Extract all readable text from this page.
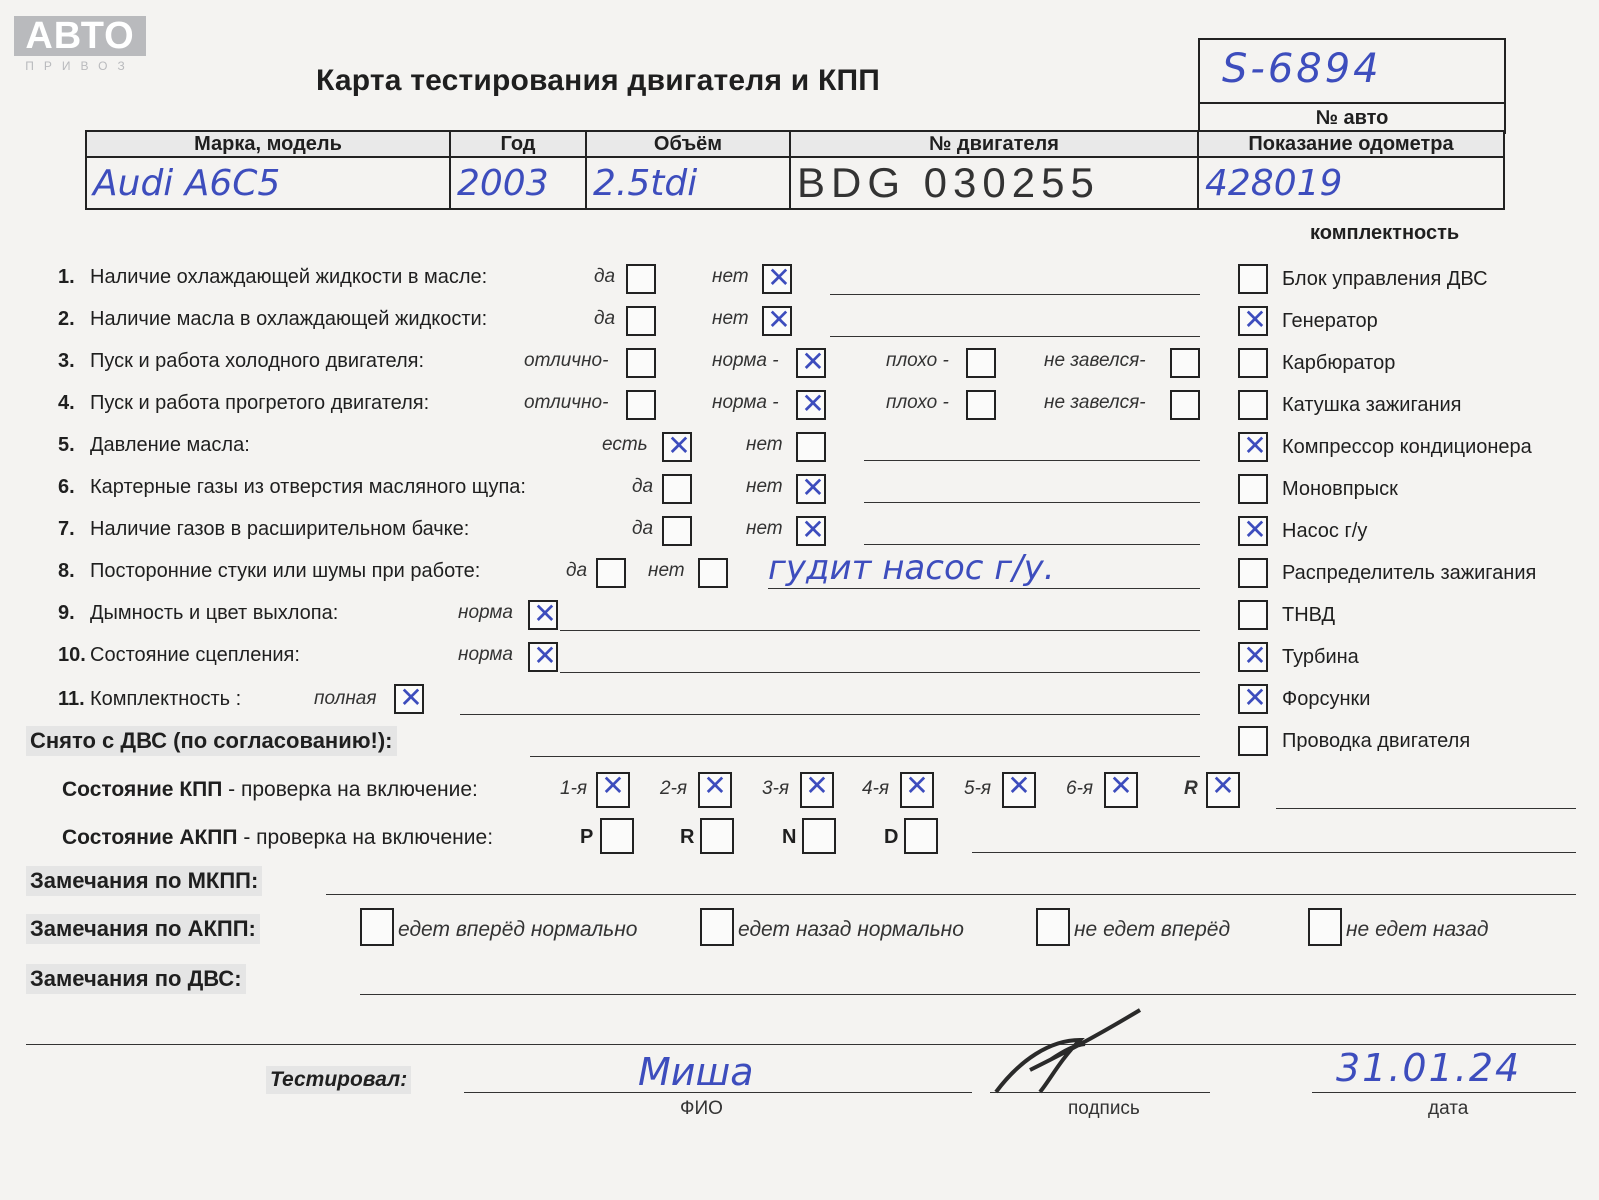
АВТО
ПРИВОЗ	Карта тестирования двигателя и КПП	S-6894
№ авто
Марка, модель	Год	Объём	№ двигателя	Показание одометра
Audi A6C5	2003	2.5tdi	BDG 030255	428019
комплектность
1. Наличие охлаждающей жидкости в масле:	да	нет ✕
2. Наличие масла в охлаждающей жидкости:	да	нет ✕
3. Пуск и работа холодного двигателя:	отлично-	норма - ✕	плохо -	не завелся-
4. Пуск и работа прогретого двигателя:	отлично-	норма - ✕	плохо -	не завелся-
5. Давление масла:	есть ✕	нет
6. Картерные газы из отверстия масляного щупа:	да	нет ✕
7. Наличие газов в расширительном бачке:	да	нет ✕
8. Посторонние стуки или шумы при работе:	да	нет гудит насос г/у.
9. Дымность и цвет выхлопа:	норма ✕
10. Состояние сцепления:	норма ✕
11. Комплектность :	полная ✕
Блок управления ДВС
✕ Генератор
Карбюратор
Катушка зажигания
✕ Компрессор кондиционера
Моновпрыск
✕ Насос г/у
Распределитель зажигания
ТНВД
✕ Турбина
✕ Форсунки
Проводка двигателя
Снято с ДВС (по согласованию!):
Состояние КПП - проверка на включение:	1-я ✕ 2-я ✕ 3-я ✕ 4-я ✕ 5-я ✕ 6-я ✕	R ✕
Состояние АКПП - проверка на включение:	P	R	N	D
Замечания по МКПП:
Замечания по АКПП:	едет вперёд нормально	едет назад нормально	не едет вперёд	не едет назад
Замечания по ДВС:
Тестировал:	Миша
ФИО	подпись
31.01.24
дата
